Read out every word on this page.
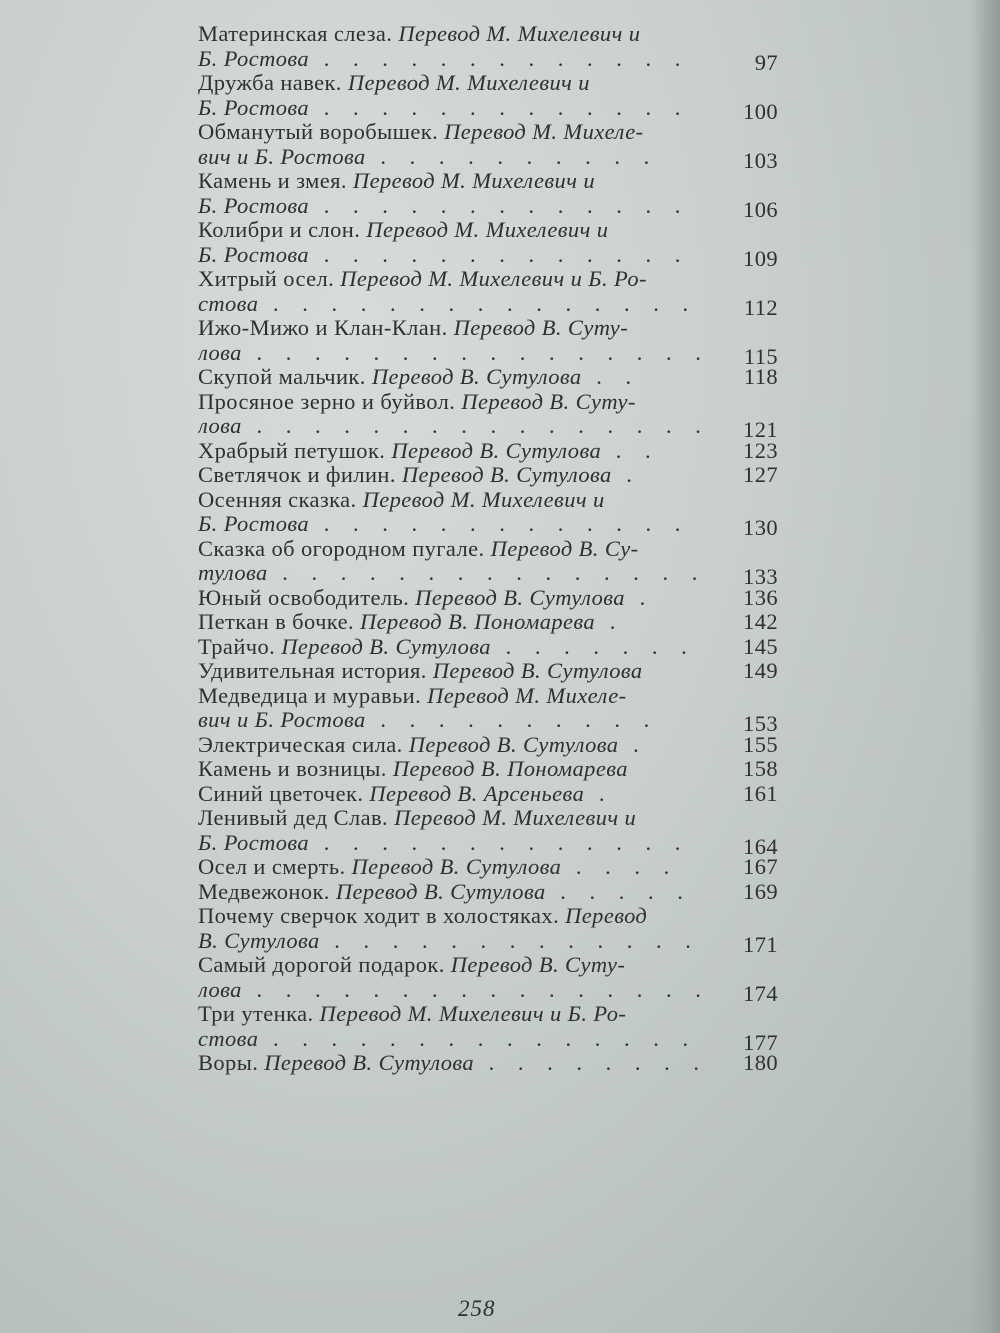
Материнская слеза. Перевод М. Михелевич и
Б. Ростова . . . . . . . . . . . . .	97
Дружба навек. Перевод М. Михелевич и
Б. Ростова . . . . . . . . . . . . .	100
Обманутый воробышек. Перевод М. Михеле-
вич и Б. Ростова . . . . . . . . . .	103
Камень и змея. Перевод М. Михелевич и
Б. Ростова . . . . . . . . . . . . .	106
Колибри и слон. Перевод М. Михелевич и
Б. Ростова . . . . . . . . . . . . .	109
Хитрый осел. Перевод М. Михелевич и Б. Ро-
стова . . . . . . . . . . . . . . .	112
Ижо-Мижо и Клан-Клан. Перевод В. Суту-
лова . . . . . . . . . . . . . . . .	115
Скупой мальчик. Перевод В. Сутулова . .	118
Просяное зерно и буйвол. Перевод В. Суту-
лова . . . . . . . . . . . . . . . .	121
Храбрый петушок. Перевод В. Сутулова . .	123
Светлячок и филин. Перевод В. Сутулова .	127
Осенняя сказка. Перевод М. Михелевич и
Б. Ростова . . . . . . . . . . . . .	130
Сказка об огородном пугале. Перевод В. Су-
тулова . . . . . . . . . . . . . . .	133
Юный освободитель. Перевод В. Сутулова .	136
Петкан в бочке. Перевод В. Пономарева .	142
Трайчо. Перевод В. Сутулова . . . . . . .	145
Удивительная история. Перевод В. Сутулова	149
Медведица и муравьи. Перевод М. Михеле-
вич и Б. Ростова . . . . . . . . . .	153
Электрическая сила. Перевод В. Сутулова .	155
Камень и возницы. Перевод В. Пономарева	158
Синий цветочек. Перевод В. Арсеньева .	161
Ленивый дед Слав. Перевод М. Михелевич и
Б. Ростова . . . . . . . . . . . . .	164
Осел и смерть. Перевод В. Сутулова . . . .	167
Медвежонок. Перевод В. Сутулова . . . . .	169
Почему сверчок ходит в холостяках. Перевод
В. Сутулова . . . . . . . . . . . . .	171
Самый дорогой подарок. Перевод В. Суту-
лова . . . . . . . . . . . . . . . .	174
Три утенка. Перевод М. Михелевич и Б. Ро-
стова . . . . . . . . . . . . . . .	177
Воры. Перевод В. Сутулова . . . . . . . .	180
258
